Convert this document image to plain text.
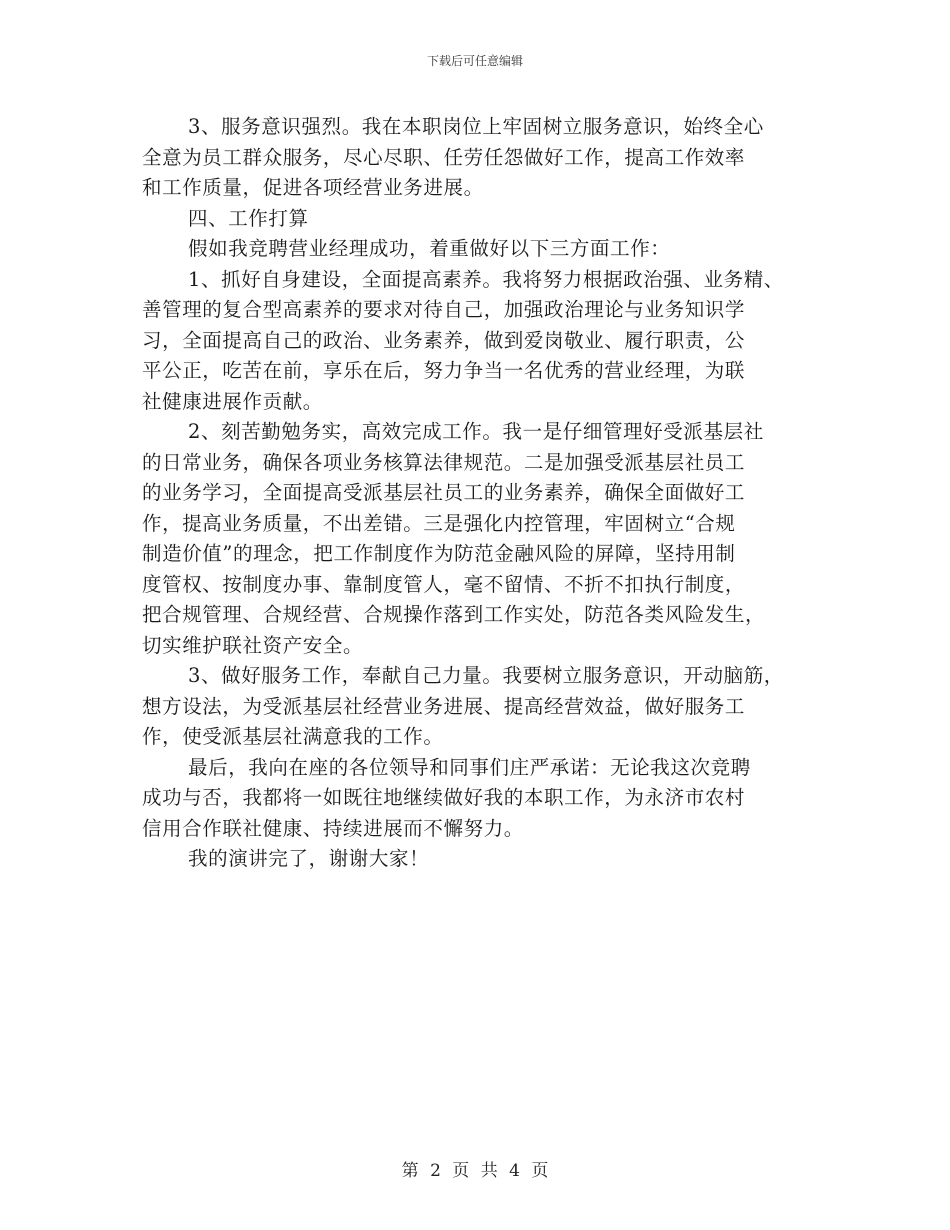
下载后可任意编辑
3、服务意识强烈。我在本职岗位上牢固树立服务意识，始终全心
全意为员工群众服务，尽心尽职、任劳任怨做好工作，提高工作效率
和工作质量，促进各项经营业务进展。
四、工作打算
假如我竞聘营业经理成功，着重做好以下三方面工作：
1、抓好自身建设，全面提高素养。我将努力根据政治强、业务精、
善管理的复合型高素养的要求对待自己，加强政治理论与业务知识学
习，全面提高自己的政治、业务素养，做到爱岗敬业、履行职责，公
平公正，吃苦在前，享乐在后，努力争当一名优秀的营业经理，为联
社健康进展作贡献。
2、刻苦勤勉务实，高效完成工作。我一是仔细管理好受派基层社
的日常业务，确保各项业务核算法律规范。二是加强受派基层社员工
的业务学习，全面提高受派基层社员工的业务素养，确保全面做好工
作，提高业务质量，不出差错。三是强化内控管理，牢固树立“合规
制造价值”的理念，把工作制度作为防范金融风险的屏障，坚持用制
度管权、按制度办事、靠制度管人，毫不留情、不折不扣执行制度，
把合规管理、合规经营、合规操作落到工作实处，防范各类风险发生，
切实维护联社资产安全。
3、做好服务工作，奉献自己力量。我要树立服务意识，开动脑筋，
想方设法，为受派基层社经营业务进展、提高经营效益，做好服务工
作，使受派基层社满意我的工作。
最后，我向在座的各位领导和同事们庄严承诺：无论我这次竞聘
成功与否，我都将一如既往地继续做好我的本职工作，为永济市农村
信用合作联社健康、持续进展而不懈努力。
我的演讲完了，谢谢大家！
第 2 页 共 4 页
